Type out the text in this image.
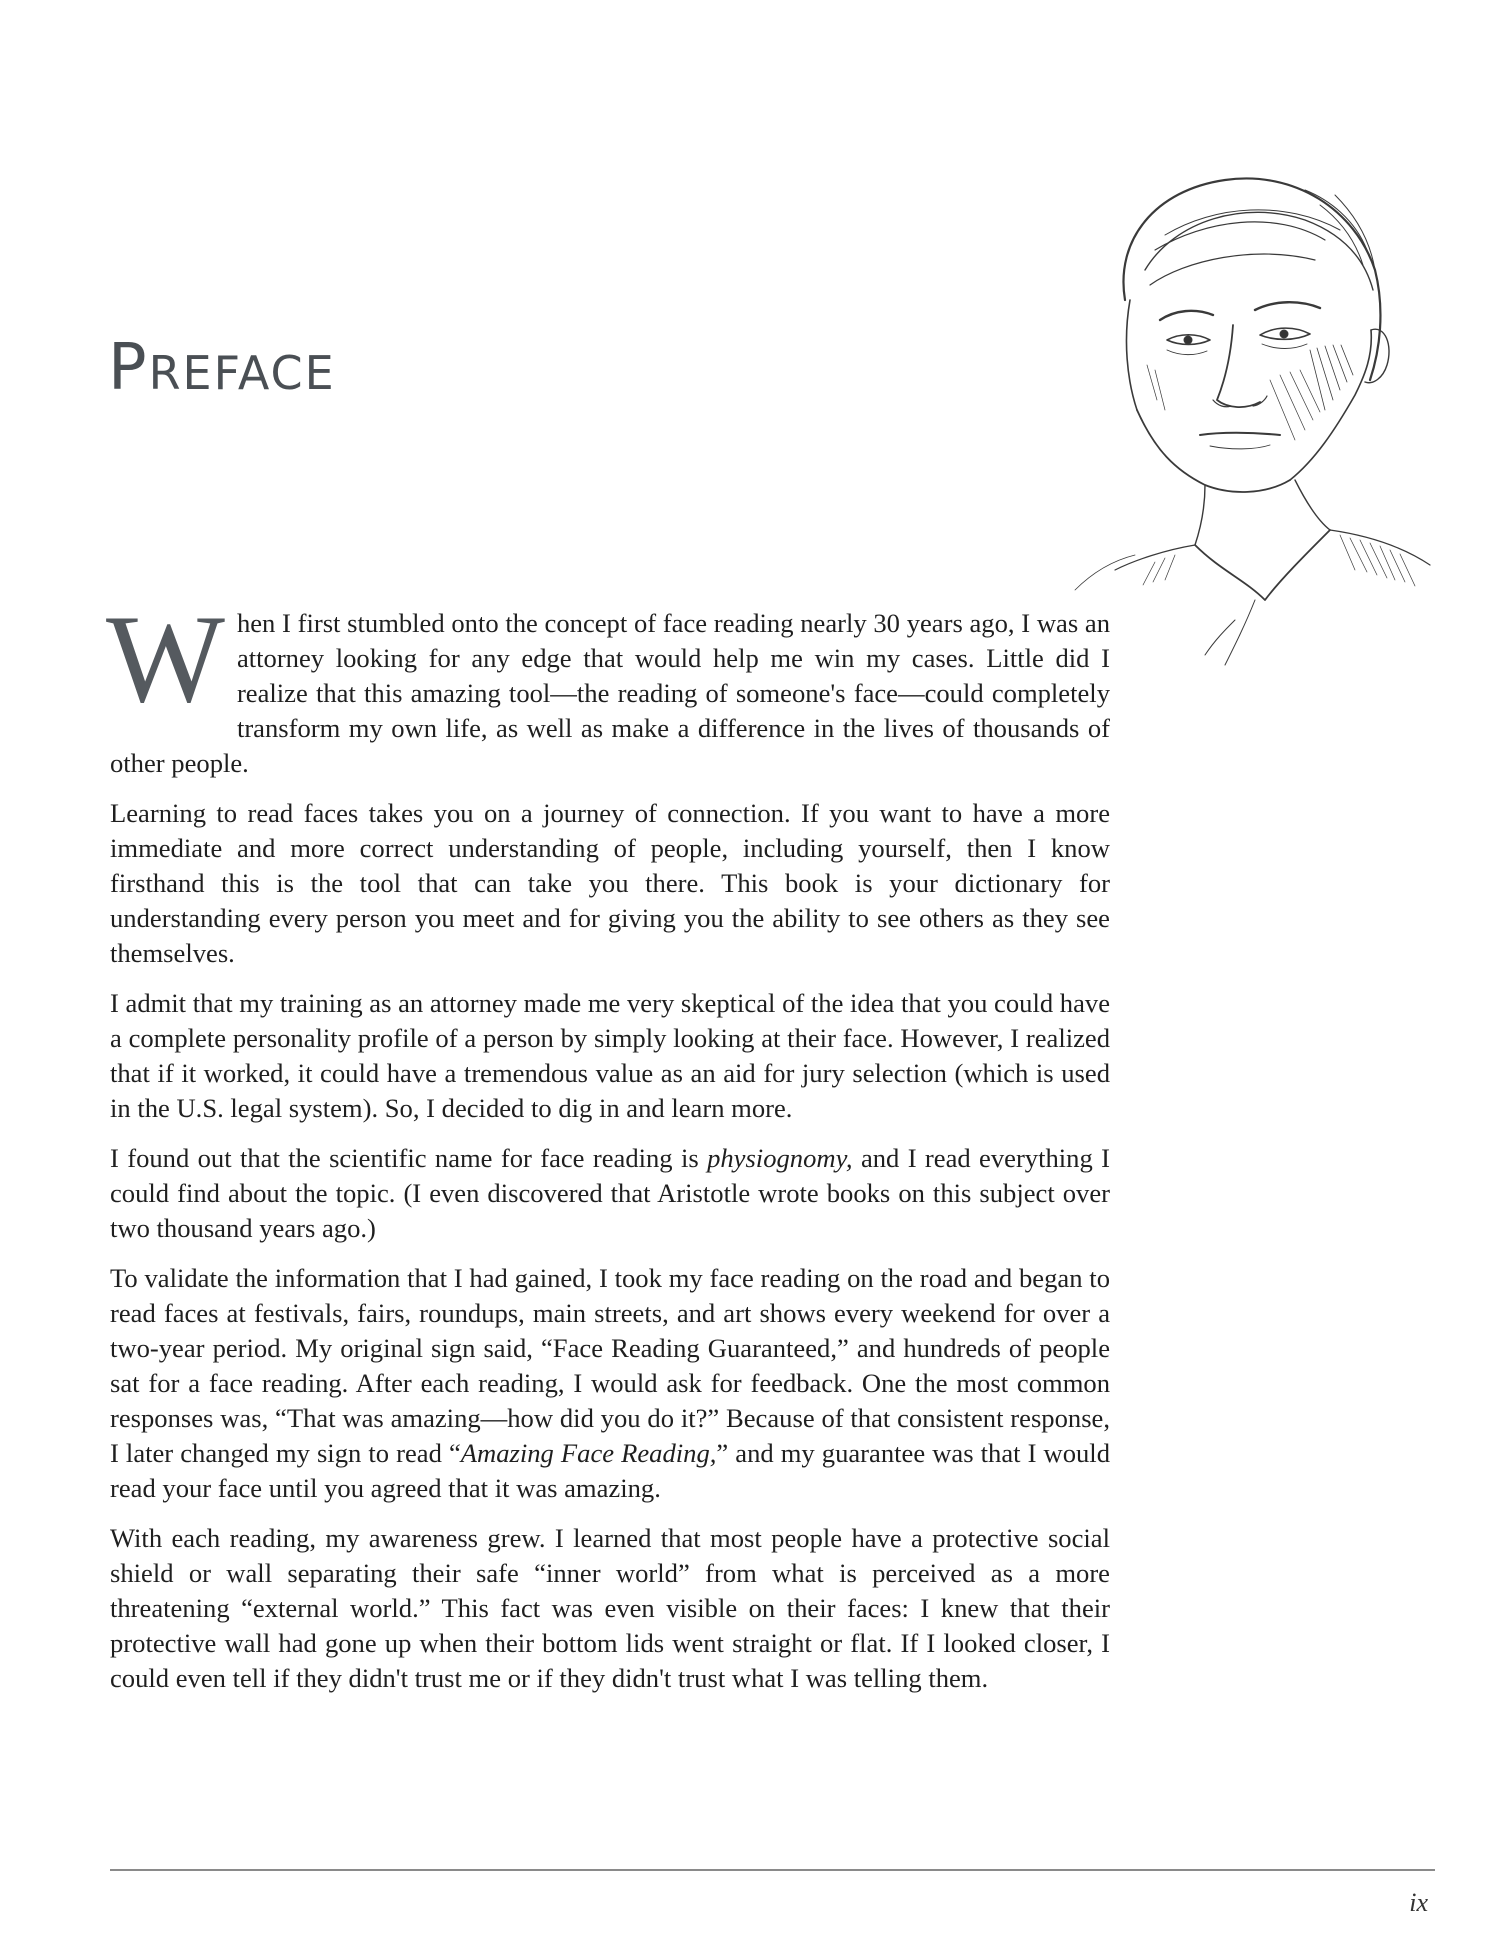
PREFACE

When I first stumbled onto the concept of face reading nearly 30 years ago, I was an attorney looking for any edge that would help me win my cases. Little did I realize that this amazing tool—the reading of someone's face—could completely transform my own life, as well as make a difference in the lives of thousands of other people.

Learning to read faces takes you on a journey of connection. If you want to have a more immediate and more correct understanding of people, including yourself, then I know firsthand this is the tool that can take you there. This book is your dictionary for understanding every person you meet and for giving you the ability to see others as they see themselves.

I admit that my training as an attorney made me very skeptical of the idea that you could have a complete personality profile of a person by simply looking at their face. However, I realized that if it worked, it could have a tremendous value as an aid for jury selection (which is used in the U.S. legal system). So, I decided to dig in and learn more.

I found out that the scientific name for face reading is physiognomy, and I read everything I could find about the topic. (I even discovered that Aristotle wrote books on this subject over two thousand years ago.)

To validate the information that I had gained, I took my face reading on the road and began to read faces at festivals, fairs, roundups, main streets, and art shows every weekend for over a two-year period. My original sign said, “Face Reading Guaranteed,” and hundreds of people sat for a face reading. After each reading, I would ask for feedback. One the most common responses was, “That was amazing—how did you do it?” Because of that consistent response, I later changed my sign to read “Amazing Face Reading,” and my guarantee was that I would read your face until you agreed that it was amazing.

With each reading, my awareness grew. I learned that most people have a protective social shield or wall separating their safe “inner world” from what is perceived as a more threatening “external world.” This fact was even visible on their faces: I knew that their protective wall had gone up when their bottom lids went straight or flat. If I looked closer, I could even tell if they didn't trust me or if they didn't trust what I was telling them.

ix
